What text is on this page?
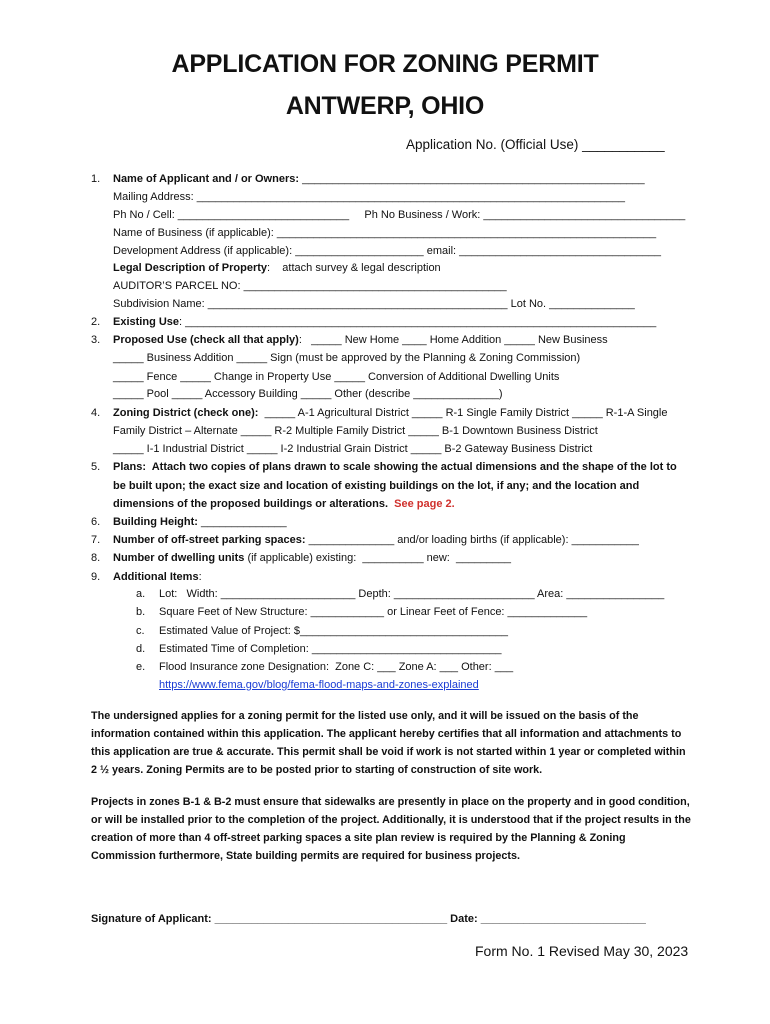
APPLICATION FOR ZONING PERMIT
ANTWERP, OHIO
Application No. (Official Use) ___________
1. Name of Applicant and / or Owners: ________________________________________________________
Mailing Address: ______________________________________________________________________
Ph No / Cell: ____________________________     Ph No Business / Work: _________________________________
Name of Business (if applicable): ______________________________________________________________
Development Address (if applicable): _____________________ email: _________________________________
Legal Description of Property:    attach survey & legal description
AUDITOR’S PARCEL NO: ___________________________________________
Subdivision Name: _________________________________________________ Lot No. ______________
2. Existing Use: _____________________________________________________________________________
3. Proposed Use (check all that apply):   _____ New Home ____ Home Addition _____ New Business
_____ Business Addition _____ Sign (must be approved by the Planning & Zoning Commission)
_____ Fence _____ Change in Property Use _____ Conversion of Additional Dwelling Units
_____ Pool _____ Accessory Building _____ Other (describe ______________)
4. Zoning District (check one):  _____ A-1 Agricultural District _____ R-1 Single Family District _____ R-1-A Single
Family District – Alternate _____ R-2 Multiple Family District _____ B-1 Downtown Business District
_____ I-1 Industrial District _____ I-2 Industrial Grain District _____ B-2 Gateway Business District
5. Plans:  Attach two copies of plans drawn to scale showing the actual dimensions and the shape of the lot to
be built upon; the exact size and location of existing buildings on the lot, if any; and the location and
dimensions of the proposed buildings or alterations. See page 2.
6. Building Height: ______________
7. Number of off-street parking spaces: ______________ and/or loading births (if applicable): ___________
8. Number of dwelling units (if applicable) existing:  __________ new:  _________
9. Additional Items:
a. Lot:   Width: ______________________ Depth: _______________________ Area: ________________
b. Square Feet of New Structure: ____________ or Linear Feet of Fence: _____________
c. Estimated Value of Project: $__________________________________
d. Estimated Time of Completion: _______________________________
e. Flood Insurance zone Designation:  Zone C: ___ Zone A: ___ Other: ___
https://www.fema.gov/blog/fema-flood-maps-and-zones-explained
The undersigned applies for a zoning permit for the listed use only, and it will be issued on the basis of the information contained within this application. The applicant hereby certifies that all information and attachments to this application are true & accurate. This permit shall be void if work is not started within 1 year or completed within 2 ½ years. Zoning Permits are to be posted prior to starting of construction of site work.
Projects in zones B-1 & B-2 must ensure that sidewalks are presently in place on the property and in good condition, or will be installed prior to the completion of the project. Additionally, it is understood that if the project results in the creation of more than 4 off-street parking spaces a site plan review is required by the Planning & Zoning Commission furthermore, State building permits are required for business projects.
Signature of Applicant: ______________________________________ Date: ___________________________
Form No. 1 Revised May 30, 2023
